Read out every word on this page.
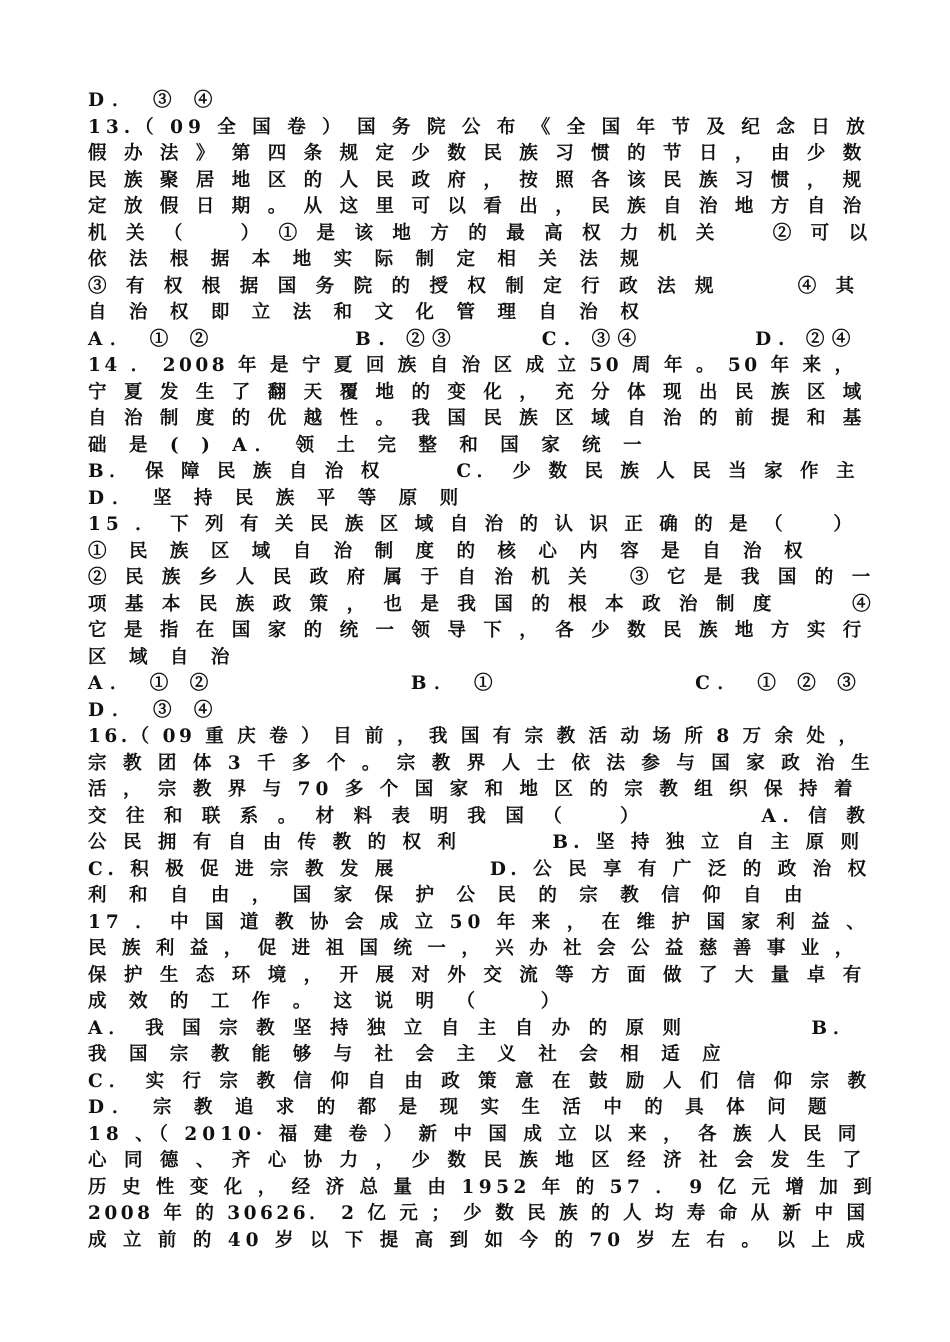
D． ③ ④
13.（ 09 全 国 卷 ） 国 务 院 公 布 《 全 国 年 节 及 纪 念 日 放
假 办 法 》 第 四 条 规 定 少 数 民 族 习 惯 的 节 日 ， 由 少 数
民 族 聚 居 地 区 的 人 民 政 府 ， 按 照 各 该 民 族 习 惯 ， 规
定 放 假 日 期 。 从 这 里 可 以 看 出 ， 民 族 自 治 地 方 自 治
机 关 （    ） ① 是 该 地 方 的 最 高 权 力 机 关    ② 可 以
依 法 根 据 本 地 实 际 制 定 相 关 法 规
③ 有 权 根 据 国 务 院 的 授 权 制 定 行 政 法 规      ④ 其
自 治 权 即 立 法 和 文 化 管 理 自 治 权
A． ① ②          B. ②③      C. ③④        D. ②④
14 ． 2008 年 是 宁 夏 回 族 自 治 区 成 立 50 周 年 。 50 年 来 ，
宁 夏 发 生 了 翻 天 覆 地 的 变 化 ， 充 分 体 现 出 民 族 区 域
自 治 制 度 的 优 越 性 。 我 国 民 族 区 域 自 治 的 前 提 和 基
础 是 ( ) A． 领 土 完 整 和 国 家 统 一
B． 保 障 民 族 自 治 权      C． 少 数 民 族 人 民 当 家 作 主
D． 坚 持 民 族 平 等 原 则
15 ． 下 列 有 关 民 族 区 域 自 治 的 认 识 正 确 的 是 （    ）
① 民 族 区 域 自 治 制 度 的 核 心 内 容 是 自 治 权
② 民 族 乡 人 民 政 府 属 于 自 治 机 关   ③ 它 是 我 国 的 一
项 基 本 民 族 政 策 ， 也 是 我 国 的 根 本 政 治 制 度      ④
它 是 指 在 国 家 的 统 一 领 导 下 ， 各 少 数 民 族 地 方 实 行
区 域 自 治
A． ① ②              B． ①              C． ① ② ③
D． ③ ④
16.（ 09 重 庆 卷 ） 目 前 ， 我 国 有 宗 教 活 动 场 所 8 万 余 处 ，
宗 教 团 体 3 千 多 个 。 宗 教 界 人 士 依 法 参 与 国 家 政 治 生
活 ， 宗 教 界 与 70 多 个 国 家 和 地 区 的 宗 教 组 织 保 持 着
交 往 和 联 系 。 材 料 表 明 我 国 （    ）         A. 信 教
公 民 拥 有 自 由 传 教 的 权 利        B. 坚 持 独 立 自 主 原 则
C. 积 极 促 进 宗 教 发 展        D. 公 民 享 有 广 泛 的 政 治 权
利 和 自 由 ， 国 家 保 护 公 民 的 宗 教 信 仰 自 由
17 ． 中 国 道 教 协 会 成 立 50 年 来 ， 在 维 护 国 家 利 益 、
民 族 利 益 ， 促 进 祖 国 统 一 ， 兴 办 社 会 公 益 慈 善 事 业 ，
保 护 生 态 环 境 ， 开 展 对 外 交 流 等 方 面 做 了 大 量 卓 有
成 效 的 工 作 。 这 说 明 （    ）
A． 我 国 宗 教 坚 持 独 立 自 主 自 办 的 原 则          B．
我 国 宗 教 能 够 与 社 会 主 义 社 会 相 适 应
C． 实 行 宗 教 信 仰 自 由 政 策 意 在 鼓 励 人 们 信 仰 宗 教
D． 宗 教 追 求 的 都 是 现 实 生 活 中 的 具 体 问 题
18 、（ 2010· 福 建 卷 ） 新 中 国 成 立 以 来 ， 各 族 人 民 同
心 同 德 、 齐 心 协 力 ， 少 数 民 族 地 区 经 济 社 会 发 生 了
历 史 性 变 化 ， 经 济 总 量 由 1952 年 的 57 ． 9 亿 元 增 加 到
2008 年 的 30626． 2 亿 元 ； 少 数 民 族 的 人 均 寿 命 从 新 中 国
成 立 前 的 40 岁 以 下 提 高 到 如 今 的 70 岁 左 右 。 以 上 成
